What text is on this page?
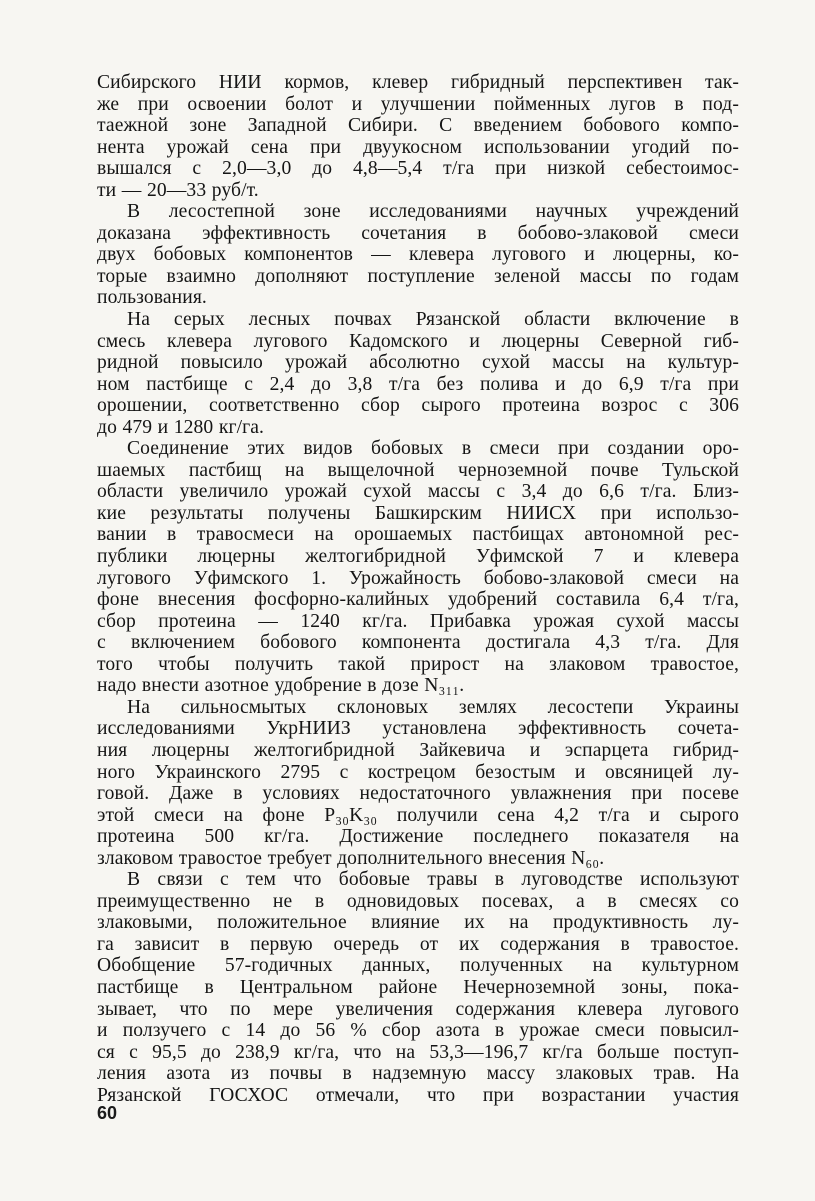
Сибирского НИИ кормов, клевер гибридный перспективен так-
же при освоении болот и улучшении пойменных лугов в под-
таежной зоне Западной Сибири. С введением бобового компо-
нента урожай сена при двуукосном использовании угодий по-
вышался с 2,0—3,0 до 4,8—5,4 т/га при низкой себестоимос-
ти — 20—33 руб/т.

В лесостепной зоне исследованиями научных учреждений
доказана эффективность сочетания в бобово-злаковой смеси
двух бобовых компонентов — клевера лугового и люцерны, ко-
торые взаимно дополняют поступление зеленой массы по годам
пользования.

На серых лесных почвах Рязанской области включение в
смесь клевера лугового Кадомского и люцерны Северной гиб-
ридной повысило урожай абсолютно сухой массы на культур-
ном пастбище с 2,4 до 3,8 т/га без полива и до 6,9 т/га при
орошении, соответственно сбор сырого протеина возрос с 306
до 479 и 1280 кг/га.

Соединение этих видов бобовых в смеси при создании оро-
шаемых пастбищ на выщелочной черноземной почве Тульской
области увеличило урожай сухой массы с 3,4 до 6,6 т/га. Близ-
кие результаты получены Башкирским НИИСХ при использо-
вании в травосмеси на орошаемых пастбищах автономной рес-
публики люцерны желтогибридной Уфимской 7 и клевера
лугового Уфимского 1. Урожайность бобово-злаковой смеси на
фоне внесения фосфорно-калийных удобрений составила 6,4 т/га,
сбор протеина — 1240 кг/га. Прибавка урожая сухой массы
с включением бобового компонента достигала 4,3 т/га. Для
того чтобы получить такой прирост на злаковом травостое,
надо внести азотное удобрение в дозе N₃₁₁.

На сильносмытых склоновых землях лесостепи Украины
исследованиями УкрНИИЗ установлена эффективность сочета-
ния люцерны желтогибридной Зайкевича и эспарцета гибрид-
ного Украинского 2795 с кострецом безостым и овсяницей лу-
говой. Даже в условиях недостаточного увлажнения при посеве
этой смеси на фоне P₃₀K₃₀ получили сена 4,2 т/га и сырого
протеина 500 кг/га. Достижение последнего показателя на
злаковом травостое требует дополнительного внесения N₆₀.

В связи с тем что бобовые травы в луговодстве используют
преимущественно не в одновидовых посевах, а в смесях со
злаковыми, положительное влияние их на продуктивность лу-
га зависит в первую очередь от их содержания в травостое.
Обобщение 57-годичных данных, полученных на культурном
пастбище в Центральном районе Нечерноземной зоны, пока-
зывает, что по мере увеличения содержания клевера лугового
и ползучего с 14 до 56 % сбор азота в урожае смеси повысил-
ся с 95,5 до 238,9 кг/га, что на 53,3—196,7 кг/га больше поступ-
ления азота из почвы в надземную массу злаковых трав. На
Рязанской ГОСХОС отмечали, что при возрастании участия

60
